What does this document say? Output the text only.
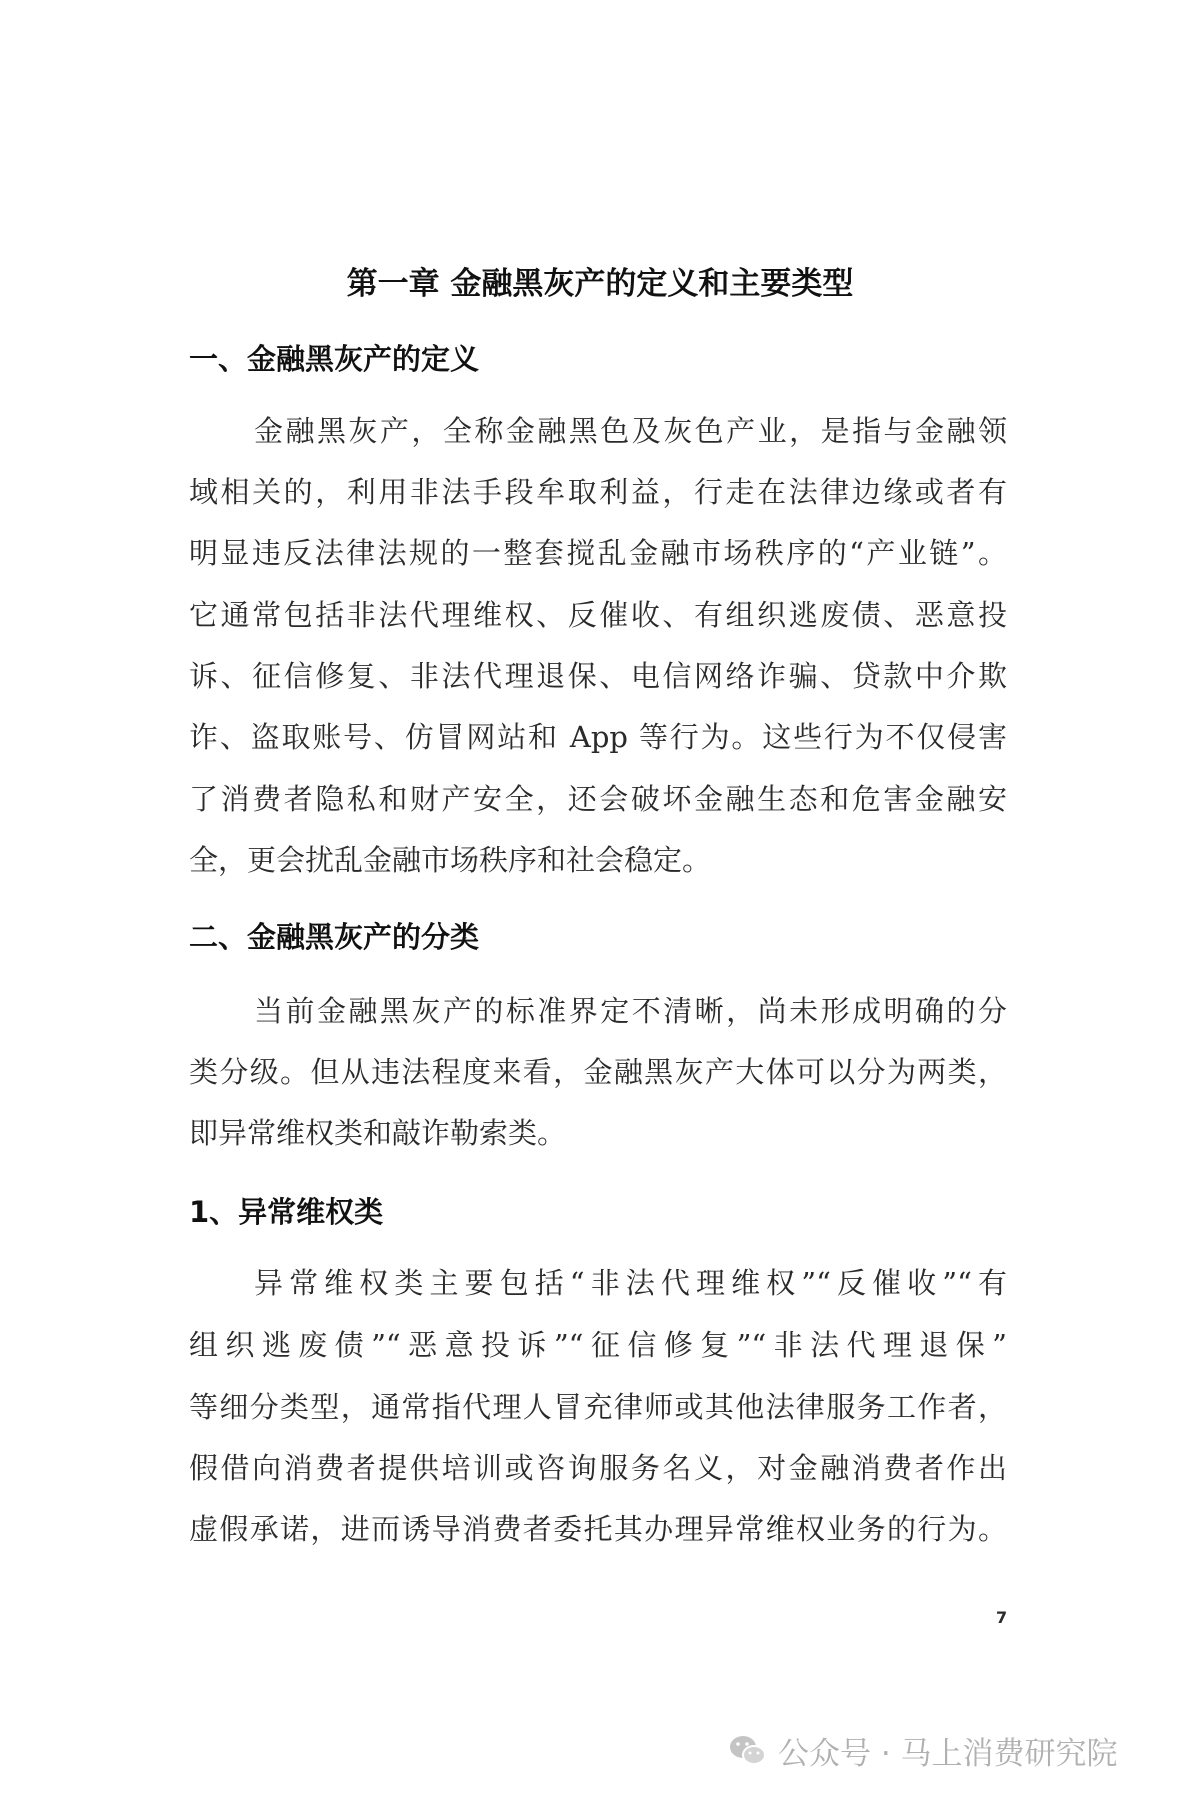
第一章 金融黑灰产的定义和主要类型
一、金融黑灰产的定义
金融黑灰产，全称金融黑色及灰色产业，是指与金融领
域相关的，利用非法手段牟取利益，行走在法律边缘或者有
明显违反法律法规的一整套搅乱金融市场秩序的“产业链”。
它通常包括非法代理维权、反催收、有组织逃废债、恶意投
诉、征信修复、非法代理退保、电信网络诈骗、贷款中介欺
诈、盗取账号、仿冒网站和 App 等行为。这些行为不仅侵害
了消费者隐私和财产安全，还会破坏金融生态和危害金融安
全，更会扰乱金融市场秩序和社会稳定。
二、金融黑灰产的分类
当前金融黑灰产的标准界定不清晰，尚未形成明确的分
类分级。但从违法程度来看，金融黑灰产大体可以分为两类，
即异常维权类和敲诈勒索类。
1、异常维权类
异常维权类主要包括“非法代理维权”“反催收”“有
组织逃废债”“恶意投诉”“征信修复”“非法代理退保”
等细分类型，通常指代理人冒充律师或其他法律服务工作者，
假借向消费者提供培训或咨询服务名义，对金融消费者作出
虚假承诺，进而诱导消费者委托其办理异常维权业务的行为。
7
公众号 · 马上消费研究院
